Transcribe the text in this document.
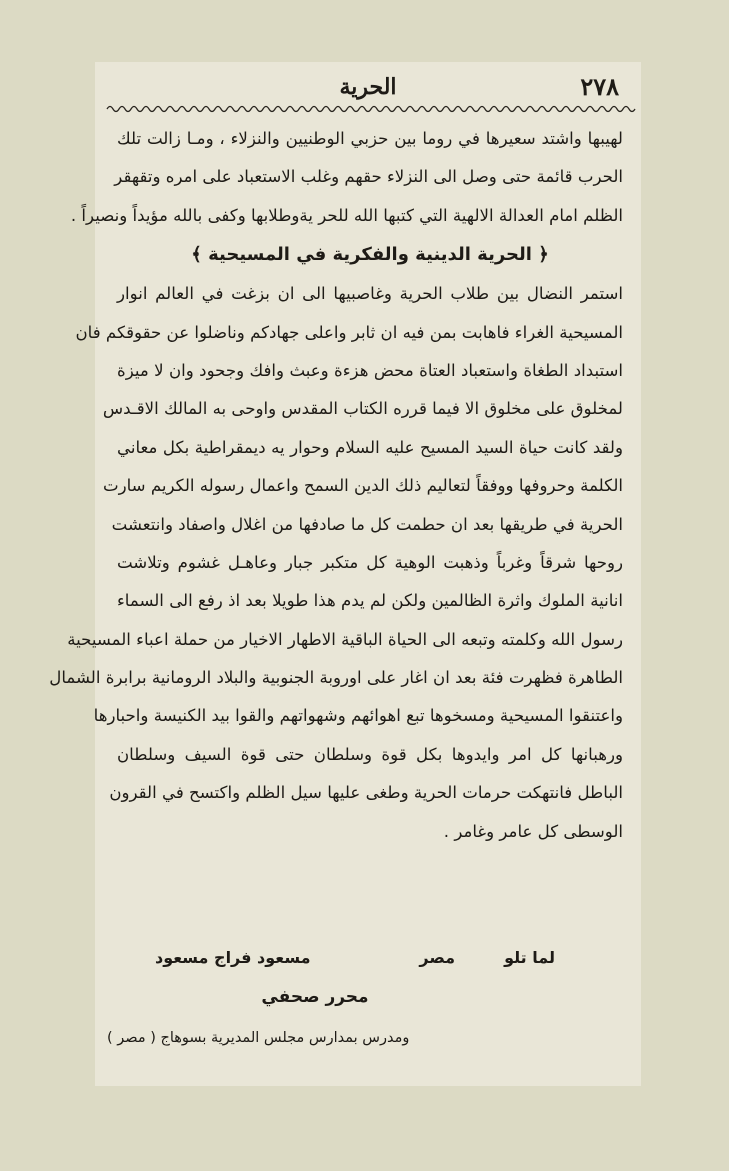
٢٧٨
الحرية
لهيبها واشتد سعيرها في روما بين حزبي الوطنيين والنزلاء ، ومـا زالت تلك
الحرب قائمة حتى وصل الى النزلاء حقهم وغلب الاستعباد على امره وتقهقر
الظلم امام العدالة الالهية التي كتبها الله للحر يةوطلابها وكفى بالله مؤيداً ونصيراً .
﴿ الحرية الدينية والفكرية في المسيحية ﴾
استمر النضال بين طلاب الحرية وغاصبيها الى ان بزغت في العالم انوار
المسيحية الغراء فاهابت بمن فيه ان ثابر واعلى جهادكم وناضلوا عن حقوقكم فان
استبداد الطغاة واستعباد العتاة محض هزءة وعبث وافك وجحود وان لا ميزة
لمخلوق على مخلوق الا فيما قرره الكتاب المقدس واوحى به المالك الاقـدس
ولقد كانت حياة السيد المسيح عليه السلام وحوار يه ديمقراطية بكل معاني
الكلمة وحروفها ووفقاً لتعاليم ذلك الدين السمح واعمال رسوله الكريم سارت
الحرية في طريقها بعد ان حطمت كل ما صادفها من اغلال واصفاد وانتعشت
روحها شرقاً وغرباً وذهبت الوهية كل متكبر جبار وعاهـل غشوم وتلاشت
انانية الملوك واثرة الظالمين ولكن لم يدم هذا طويلا بعد اذ رفع الى السماء
رسول الله وكلمته وتبعه الى الحياة الباقية الاطهار الاخيار من حملة اعباء المسيحية
الطاهرة فظهرت فئة بعد ان اغار على اوروبة الجنوبية والبلاد الرومانية برابرة الشمال
واعتنقوا المسيحية ومسخوها تبع اهوائهم وشهواتهم والقوا بيد الكنيسة واحبارها
ورهبانها كل امر وايدوها بكل قوة وسلطان حتى قوة السيف وسلطان
الباطل فانتهكت حرمات الحرية وطغى عليها سيل الظلم واكتسح في القرون
الوسطى كل عامر وغامر .
لما تلو
مصر
مسعود فراج مسعود
محرر صحفي
ومدرس بمدارس مجلس المديرية بسوهاج ( مصر )
